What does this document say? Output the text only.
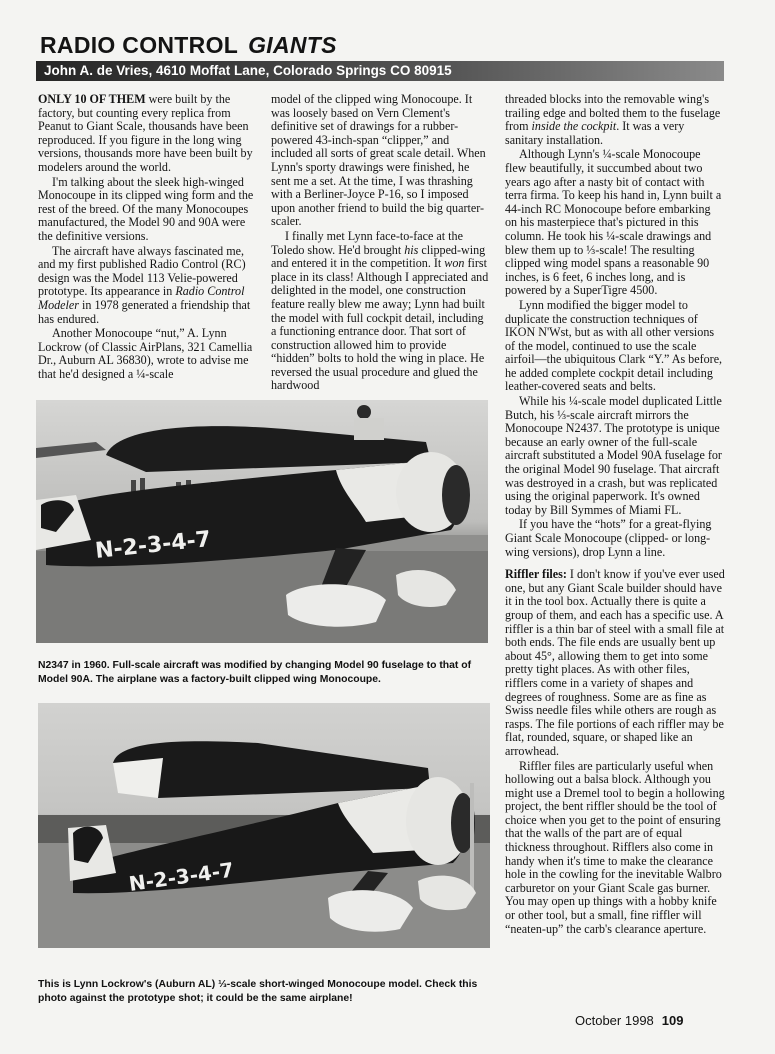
RADIO CONTROL GIANTS
John A. de Vries, 4610 Moffat Lane, Colorado Springs CO 80915

ONLY 10 OF THEM were built by the factory, but counting every replica from Peanut to Giant Scale, thousands have been reproduced. If you figure in the long wing versions, thousands more have been built by modelers around the world.

I'm talking about the sleek high-winged Monocoupe in its clipped wing form and the rest of the breed. Of the many Monocoupes manufactured, the Model 90 and 90A were the definitive versions.

The aircraft have always fascinated me, and my first published Radio Control (RC) design was the Model 113 Velie-powered prototype. Its appearance in Radio Control Modeler in 1978 generated a friendship that has endured.

Another Monocoupe “nut,” A. Lynn Lockrow (of Classic AirPlans, 321 Camellia Dr., Auburn AL 36830), wrote to advise me that he'd designed a ¼-scale

model of the clipped wing Monocoupe. It was loosely based on Vern Clement's definitive set of drawings for a rubber-powered 43-inch-span “clipper,” and included all sorts of great scale detail. When Lynn's sporty drawings were finished, he sent me a set. At the time, I was thrashing with a Berliner-Joyce P-16, so I imposed upon another friend to build the big quarter-scaler.

I finally met Lynn face-to-face at the Toledo show. He'd brought his clipped-wing and entered it in the competition. It won first place in its class! Although I appreciated and delighted in the model, one construction feature really blew me away; Lynn had built the model with full cockpit detail, including a functioning entrance door. That sort of construction allowed him to provide “hidden” bolts to hold the wing in place. He reversed the usual procedure and glued the hardwood

threaded blocks into the removable wing's trailing edge and bolted them to the fuselage from inside the cockpit. It was a very sanitary installation.

Although Lynn's ¼-scale Monocoupe flew beautifully, it succumbed about two years ago after a nasty bit of contact with terra firma. To keep his hand in, Lynn built a 44-inch RC Monocoupe before embarking on his masterpiece that's pictured in this column. He took his ¼-scale drawings and blew them up to ⅓-scale! The resulting clipped wing model spans a reasonable 90 inches, is 6 feet, 6 inches long, and is powered by a SuperTigre 4500.

Lynn modified the bigger model to duplicate the construction techniques of IKON N'Wst, but as with all other versions of the model, continued to use the scale airfoil—the ubiquitous Clark “Y.” As before, he added complete cockpit detail including leather-covered seats and belts.

While his ¼-scale model duplicated Little Butch, his ⅓-scale aircraft mirrors the Monocoupe N2437. The prototype is unique because an early owner of the full-scale aircraft substituted a Model 90A fuselage for the original Model 90 fuselage. That aircraft was destroyed in a crash, but was replicated using the original paperwork. It's owned today by Bill Symmes of Miami FL.

If you have the “hots” for a great-flying Giant Scale Monocoupe (clipped- or long-wing versions), drop Lynn a line.

Riffler files: I don't know if you've ever used one, but any Giant Scale builder should have it in the tool box. Actually there is quite a group of them, and each has a specific use. A riffler is a thin bar of steel with a small file at both ends. The file ends are usually bent up about 45°, allowing them to get into some pretty tight places. As with other files, rifflers come in a variety of shapes and degrees of roughness. Some are as fine as Swiss needle files while others are rough as rasps. The file portions of each riffler may be flat, rounded, square, or shaped like an arrowhead.

Riffler files are particularly useful when hollowing out a balsa block. Although you might use a Dremel tool to begin a hollowing project, the bent riffler should be the tool of choice when you get to the point of ensuring that the walls of the part are of equal thickness throughout. Rifflers also come in handy when it's time to make the clearance hole in the cowling for the inevitable Walbro carburetor on your Giant Scale gas burner. You may open up things with a hobby knife or other tool, but a small, fine riffler will “neaten-up” the carb's clearance aperture.

N-2-3-4-7
N2347 in 1960. Full-scale aircraft was modified by changing Model 90 fuselage to that of Model 90A. The airplane was a factory-built clipped wing Monocoupe.
N-2-3-4-7
This is Lynn Lockrow's (Auburn AL) ⅓-scale short-winged Monocoupe model. Check this photo against the prototype shot; it could be the same airplane!
October 1998 109
